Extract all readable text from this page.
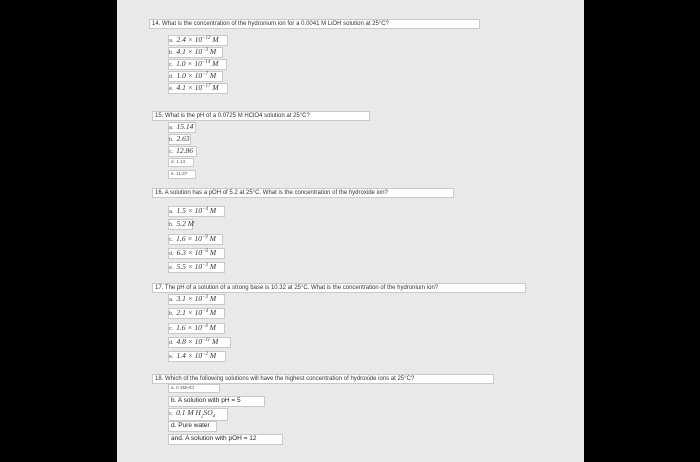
14. What is the concentration of the hydronium ion for a 0.0041 M LiOH solution at 25°C?
a. $2.4 \times 10^{-12}$ M
b. $4.1 \times 10^{-3}$ M
c. $1.0 \times 10^{-14}$ M
d. $1.0 \times 10^{-7}$ M
e. $4.1 \times 10^{-17}$ M
15. What is the pH of a 0.0725 M HClO4 solution at 25°C?
a. 15.14
b. 2.63
c. 12.86
d. 1.14
e. 11.37
16. A solution has a pOH of 5.2 at 25°C. What is the concentration of the hydroxide ion?
a. $1.5 \times 10^{-4}$ M
b. 5.2 M
c. $1.6 \times 10^{-9}$ M
d. $6.3 \times 10^{-6}$ M
e. $5.5 \times 10^{-3}$ M
17. The pH of a solution of a strong base is 10.32 at 25°C. What is the concentration of the hydronium ion?
a. $3.1 \times 10^{-3}$ M
b. $2.1 \times 10^{-4}$ M
c. $1.6 \times 10^{-4}$ M
d. $4.8 \times 10^{-11}$ M
e. $1.4 \times 10^{-2}$ M
18. Which of the following solutions will have the highest concentration of hydroxide ions at 25°C?
a. 0.1MHCl
b. A solution with pH = 5
c. 0.1 M $H_2SO_4$
d. Pure water
and. A solution with pOH = 12
